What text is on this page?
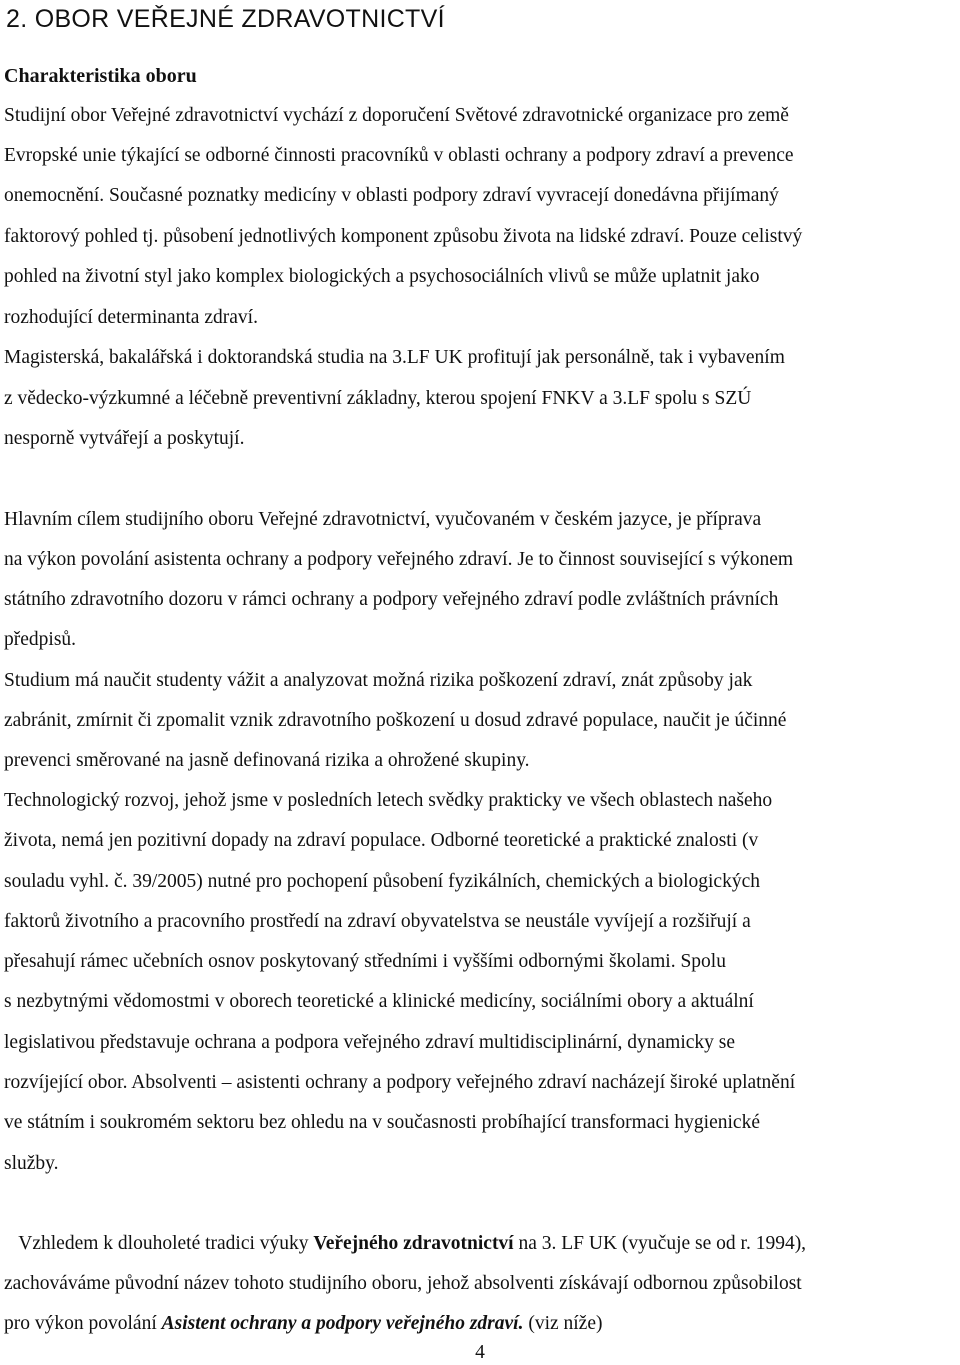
2. OBOR VEŘEJNÉ ZDRAVOTNICTVÍ
Charakteristika oboru
Studijní obor Veřejné zdravotnictví vychází z doporučení Světové zdravotnické organizace pro země
Evropské unie týkající se odborné činnosti pracovníků v oblasti ochrany a podpory zdraví a prevence
onemocnění. Současné poznatky medicíny v oblasti podpory zdraví vyvracejí donedávna přijímaný
faktorový pohled tj. působení jednotlivých komponent způsobu života na lidské zdraví. Pouze celistvý
pohled na životní styl jako komplex biologických a psychosociálních vlivů se může uplatnit jako
rozhodující determinanta zdraví.
Magisterská, bakalářská i doktorandská studia na 3.LF UK profitují jak personálně, tak i vybavením
z vědecko-výzkumné a léčebně preventivní základny, kterou spojení FNKV a 3.LF spolu s SZÚ
nesporně vytvářejí a poskytují.
Hlavním cílem studijního oboru Veřejné zdravotnictví, vyučovaném v českém jazyce, je příprava
na výkon povolání asistenta ochrany a podpory veřejného zdraví. Je to činnost související s výkonem
státního zdravotního dozoru v rámci ochrany a podpory veřejného zdraví podle zvláštních právních
předpisů.
Studium má naučit studenty vážit a analyzovat možná rizika poškození zdraví, znát způsoby jak
zabránit, zmírnit či zpomalit vznik zdravotního poškození u dosud zdravé populace, naučit je účinné
prevenci směrované na jasně definovaná rizika a ohrožené skupiny.
Technologický rozvoj, jehož jsme v posledních letech svědky prakticky ve všech oblastech našeho
života, nemá jen pozitivní dopady na zdraví populace. Odborné teoretické a praktické znalosti (v
souladu vyhl. č. 39/2005) nutné pro pochopení působení fyzikálních, chemických a biologických
faktorů životního a pracovního prostředí na zdraví obyvatelstva se neustále vyvíjejí a rozšiřují a
přesahují rámec učebních osnov poskytovaný středními i vyššími odbornými školami. Spolu
s nezbytnými vědomostmi v oborech teoretické a klinické medicíny, sociálními obory a aktuální
legislativou představuje ochrana a podpora veřejného zdraví multidisciplinární, dynamicky se
rozvíjející obor. Absolventi – asistenti ochrany a podpory veřejného zdraví nacházejí široké uplatnění
ve státním i soukromém sektoru bez ohledu na v současnosti probíhající transformaci hygienické
služby.
Vzhledem k dlouholeté tradici výuky Veřejného zdravotnictví na 3. LF UK (vyučuje se od r. 1994),
zachováváme původní název tohoto studijního oboru, jehož absolventi získávají odbornou způsobilost
pro výkon povolání Asistent ochrany a podpory veřejného zdraví. (viz níže)
4
